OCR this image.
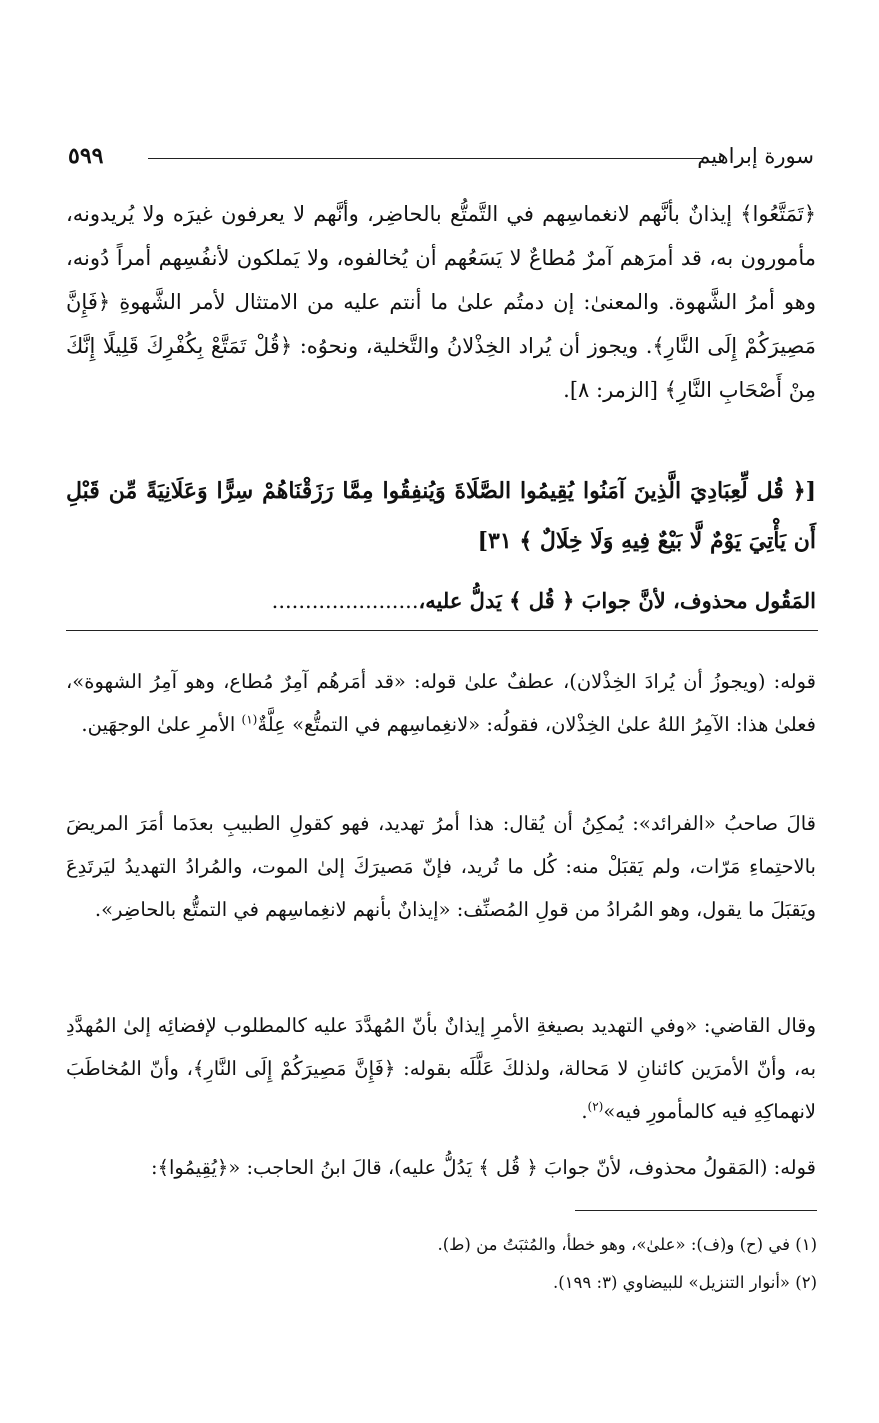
سورة إبراهيم
٥٩٩
﴿تَمَتَّعُوا﴾ إيذانٌ بأنَّهم لانغماسِهم في التَّمتُّع بالحاضِر، وأنَّهم لا يعرفون غيرَه ولا يُريدونه، مأمورون به، قد أمرَهم آمرٌ مُطاعٌ لا يَسَعُهم أن يُخالفوه، ولا يَملكون لأنفُسِهم أمراً دُونه، وهو أمرُ الشَّهوة. والمعنىٰ: إن دمتُم علىٰ ما أنتم عليه من الامتثال لأمر الشَّهوةِ ﴿فَإِنَّ مَصِيرَكُمْ إِلَى النَّارِ﴾. ويجوز أن يُراد الخِذْلانُ والتَّخلية، ونحوُه: ﴿قُلْ تَمَتَّعْ بِكُفْرِكَ قَلِيلًا إِنَّكَ مِنْ أَصْحَابِ النَّارِ﴾ [الزمر: ٨].
[﴿ قُل لِّعِبَادِيَ الَّذِينَ آمَنُوا يُقِيمُوا الصَّلَاةَ وَيُنفِقُوا مِمَّا رَزَقْنَاهُمْ سِرًّا وَعَلَانِيَةً مِّن قَبْلِ أَن يَأْتِيَ يَوْمٌ لَّا بَيْعٌ فِيهِ وَلَا خِلَالٌ ﴾ ٣١]
المَقُول محذوف، لأنَّ جوابَ ﴿ قُل ﴾ يَدلُّ عليه،......................
قوله: (ويجوزُ أن يُرادَ الخِذْلان)، عطفٌ علىٰ قوله: «قد أمَرهُم آمِرٌ مُطاع، وهو آمِرُ الشهوة»، فعلىٰ هذا: الآمِرُ اللهُ علىٰ الخِذْلان، فقولُه: «لانغِماسِهم في التمتُّع» عِلَّةٌ$^{(١)}$ الأمرِ علىٰ الوجهَين.
قالَ صاحبُ «الفرائد»: يُمكِنُ أن يُقال: هذا أمرُ تهديد، فهو كقولِ الطبيبِ بعدَما أمَرَ المريضَ بالاحتِماءِ مَرّات، ولم يَقبَلْ منه: كُل ما تُريد، فإنّ مَصيرَكَ إلىٰ الموت، والمُرادُ التهديدُ ليَرتَدِعَ ويَقبَلَ ما يقول، وهو المُرادُ من قولِ المُصنِّف: «إيذانٌ بأنهم لانغِماسِهم في التمتُّع بالحاضِر».
وقال القاضي: «وفي التهديد بصيغةِ الأمرِ إيذانٌ بأنّ المُهدَّدَ عليه كالمطلوب لإفضائِه إلىٰ المُهدَّدِ به، وأنّ الأمرَين كائنانِ لا مَحالة، ولذلكَ عَلَّلَه بقوله: ﴿فَإِنَّ مَصِيرَكُمْ إِلَى النَّارِ﴾، وأنّ المُخاطَبَ لانهماكِهِ فيه كالمأمورِ فيه»$^{(٢)}$.
قوله: (المَقولُ محذوف، لأنّ جوابَ ﴿ قُل ﴾ يَدُلُّ عليه)، قالَ ابنُ الحاجب: «﴿يُقِيمُوا﴾:
(١) في (ح) و(ف): «علىٰ»، وهو خطأ، والمُثبَتُ من (ط).
(٢) «أنوار التنزيل» للبيضاوي (٣: ١٩٩).
